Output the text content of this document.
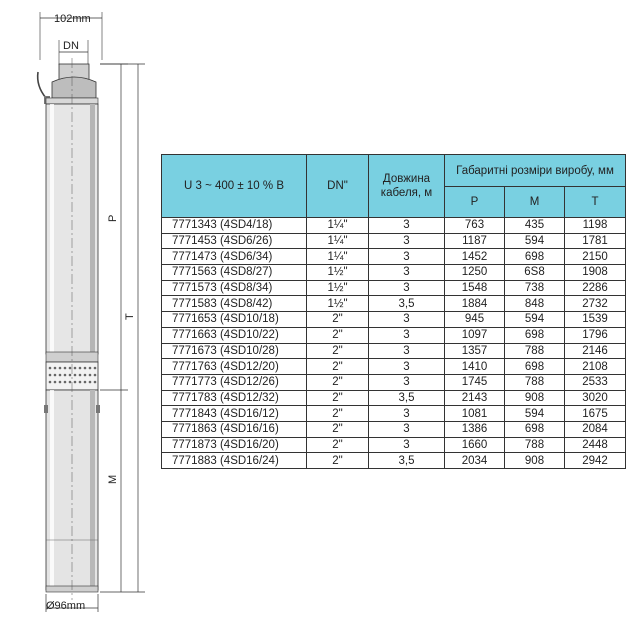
102mm
DN
P
M
T
Ø96mm
U 3 ~ 400 ± 10 % В	DN"	Довжина кабеля, м	Габаритні розміри виробу, мм		
			P	M	T
7771343 (4SD4/18)	1¼"	3	763	435	1198
7771453 (4SD6/26)	1¼"	3	1187	594	1781
7771473 (4SD6/34)	1¼"	3	1452	698	2150
7771563 (4SD8/27)	1½"	3	1250	6S8	1908
7771573 (4SD8/34)	1½"	3	1548	738	2286
7771583 (4SD8/42)	1½"	3,5	1884	848	2732
7771653 (4SD10/18)	2"	3	945	594	1539
7771663 (4SD10/22)	2"	3	1097	698	1796
7771673 (4SD10/28)	2"	3	1357	788	2146
7771763 (4SD12/20)	2"	3	1410	698	2108
7771773 (4SD12/26)	2"	3	1745	788	2533
7771783 (4SD12/32)	2"	3,5	2143	908	3020
7771843 (4SD16/12)	2"	3	1081	594	1675
7771863 (4SD16/16)	2"	3	1386	698	2084
7771873 (4SD16/20)	2"	3	1660	788	2448
7771883 (4SD16/24)	2"	3,5	2034	908	2942
